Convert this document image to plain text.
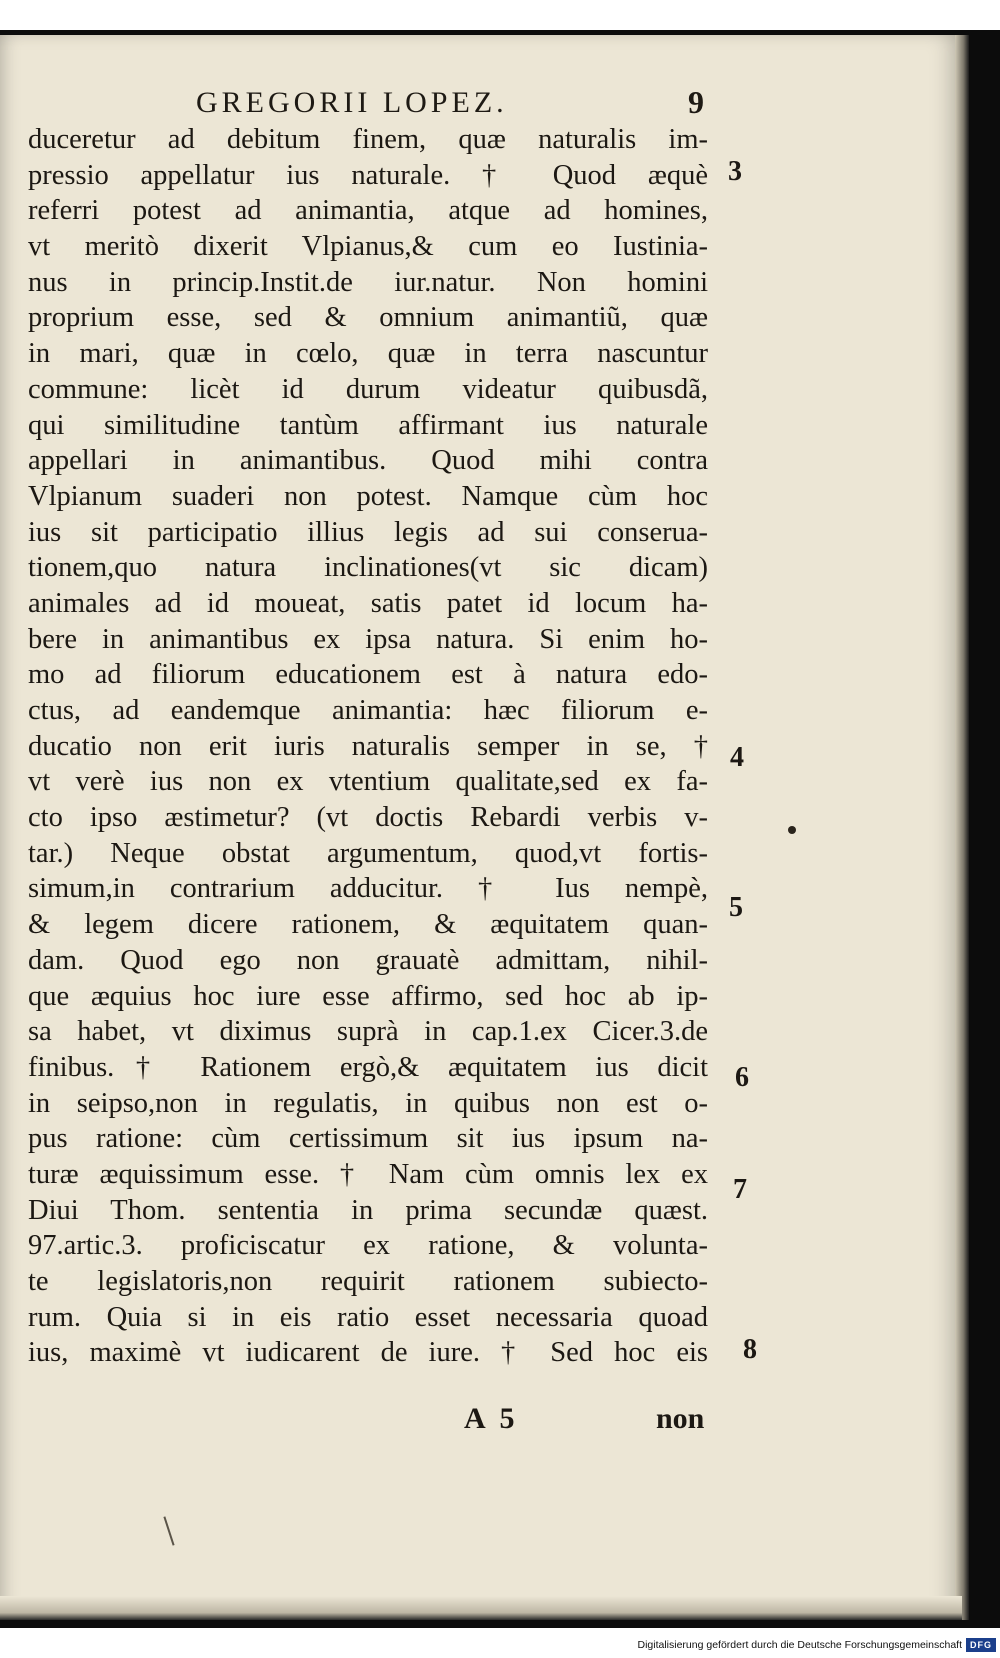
GREGORII LOPEZ.	9
duceretur ad debitum finem, quæ naturalis im-
pressio appellatur ius naturale. † Quod æquè
referri potest ad animantia, atque ad homines,
vt meritò dixerit Vlpianus,& cum eo Iustinia-
nus in princip.Instit.de iur.natur. Non homini
proprium esse, sed & omnium animantiũ, quæ
in mari, quæ in cœlo, quæ in terra nascuntur
commune: licèt id durum videatur quibusdã,
qui similitudine tantùm affirmant ius naturale
appellari in animantibus. Quod mihi contra
Vlpianum suaderi non potest. Namque cùm hoc
ius sit participatio illius legis ad sui conserua-
tionem,quo natura inclinationes(vt sic dicam)
animales ad id moueat, satis patet id locum ha-
bere in animantibus ex ipsa natura. Si enim ho-
mo ad filiorum educationem est à natura edo-
ctus, ad eandemque animantia: hæc filiorum e-
ducatio non erit iuris naturalis semper in se, †
vt verè ius non ex vtentium qualitate,sed ex fa-
cto ipso æstimetur? (vt doctis Rebardi verbis v-
tar.) Neque obstat argumentum, quod,vt fortis-
simum,in contrarium adducitur. † Ius nempè,
& legem dicere rationem, & æquitatem quan-
dam. Quod ego non grauatè admittam, nihil-
que æquius hoc iure esse affirmo, sed hoc ab ip-
sa habet, vt diximus suprà in cap.1.ex Cicer.3.de
finibus.† Rationem ergò,& æquitatem ius dicit
in seipso,non in regulatis, in quibus non est o-
pus ratione: cùm certissimum sit ius ipsum na-
turæ æquissimum esse. † Nam cùm omnis lex ex
Diui Thom. sententia in prima secundæ quæst.
97.artic.3. proficiscatur ex ratione, & volunta-
te legislatoris,non requirit rationem subiecto-
rum. Quia si in eis ratio esset necessaria quoad
ius, maximè vt iudicarent de iure. † Sed hoc eis
3
4
5
6
7
8
A 5	non
Digitalisierung gefördert durch die Deutsche Forschungsgemeinschaft DFG
